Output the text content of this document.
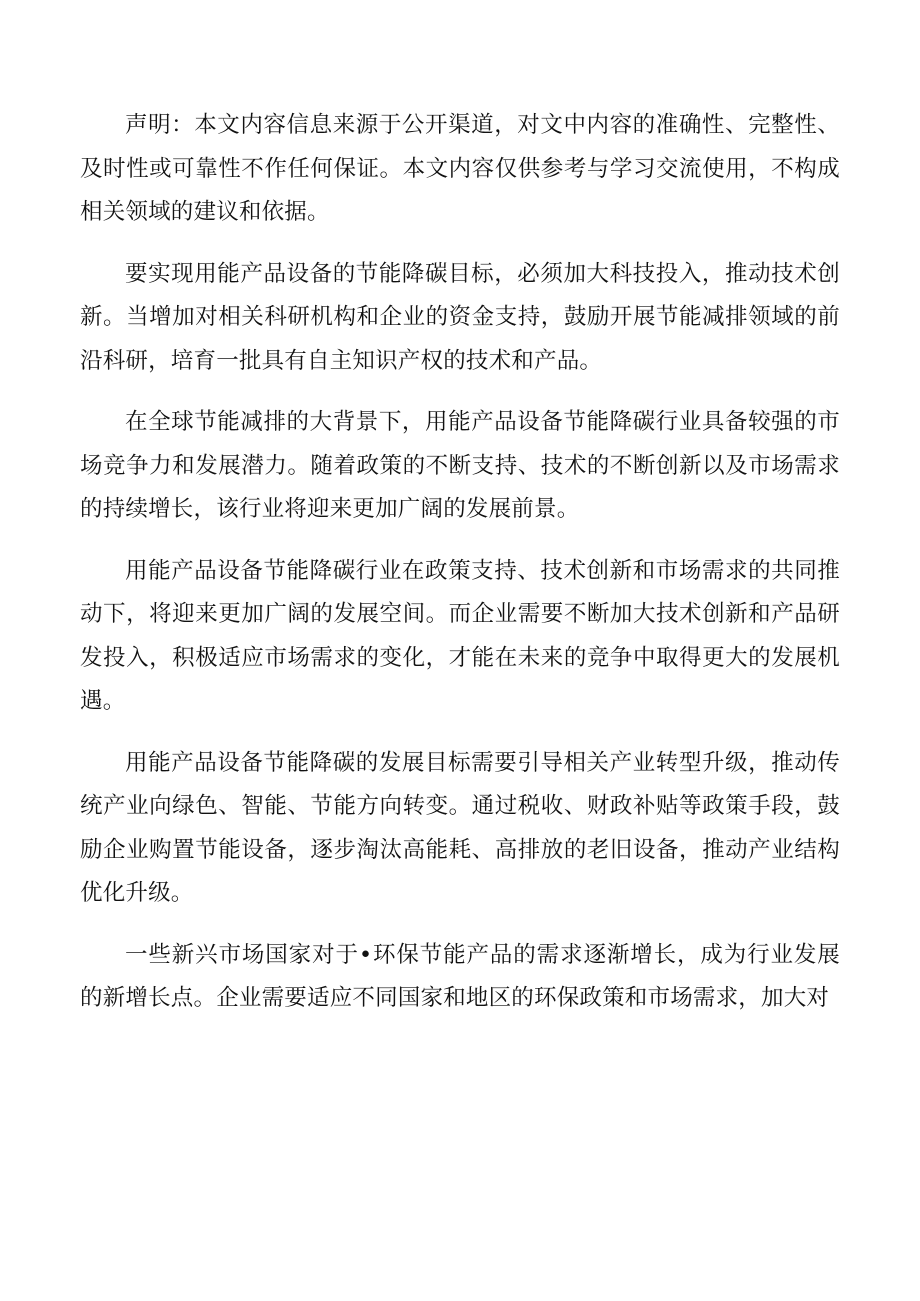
声明：本文内容信息来源于公开渠道，对文中内容的准确性、完整性、及时性或可靠性不作任何保证。本文内容仅供参考与学习交流使用，不构成相关领域的建议和依据。

要实现用能产品设备的节能降碳目标，必须加大科技投入，推动技术创新。当增加对相关科研机构和企业的资金支持，鼓励开展节能减排领域的前沿科研，培育一批具有自主知识产权的技术和产品。

在全球节能减排的大背景下，用能产品设备节能降碳行业具备较强的市场竞争力和发展潜力。随着政策的不断支持、技术的不断创新以及市场需求的持续增长，该行业将迎来更加广阔的发展前景。

用能产品设备节能降碳行业在政策支持、技术创新和市场需求的共同推动下，将迎来更加广阔的发展空间。而企业需要不断加大技术创新和产品研发投入，积极适应市场需求的变化，才能在未来的竞争中取得更大的发展机遇。

用能产品设备节能降碳的发展目标需要引导相关产业转型升级，推动传统产业向绿色、智能、节能方向转变。通过税收、财政补贴等政策手段，鼓励企业购置节能设备，逐步淘汰高能耗、高排放的老旧设备，推动产业结构优化升级。

一些新兴市场国家对于•环保节能产品的需求逐渐增长，成为行业发展的新增长点。企业需要适应不同国家和地区的环保政策和市场需求，加大对
